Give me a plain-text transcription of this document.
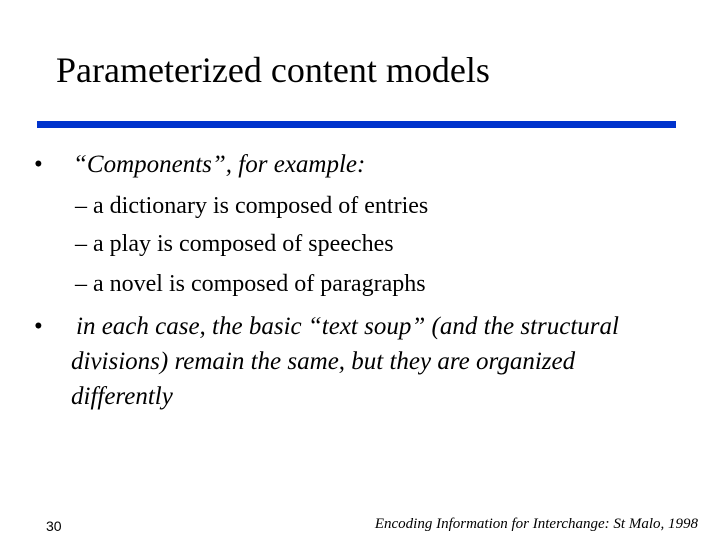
Parameterized content models
• “Components”, for example:
– a dictionary is composed of entries
– a play is composed of speeches
– a novel is composed of paragraphs
• in each case, the basic “text soup” (and the structural
divisions) remain the same, but they are organized
differently
30	Encoding Information for Interchange: St Malo, 1998
